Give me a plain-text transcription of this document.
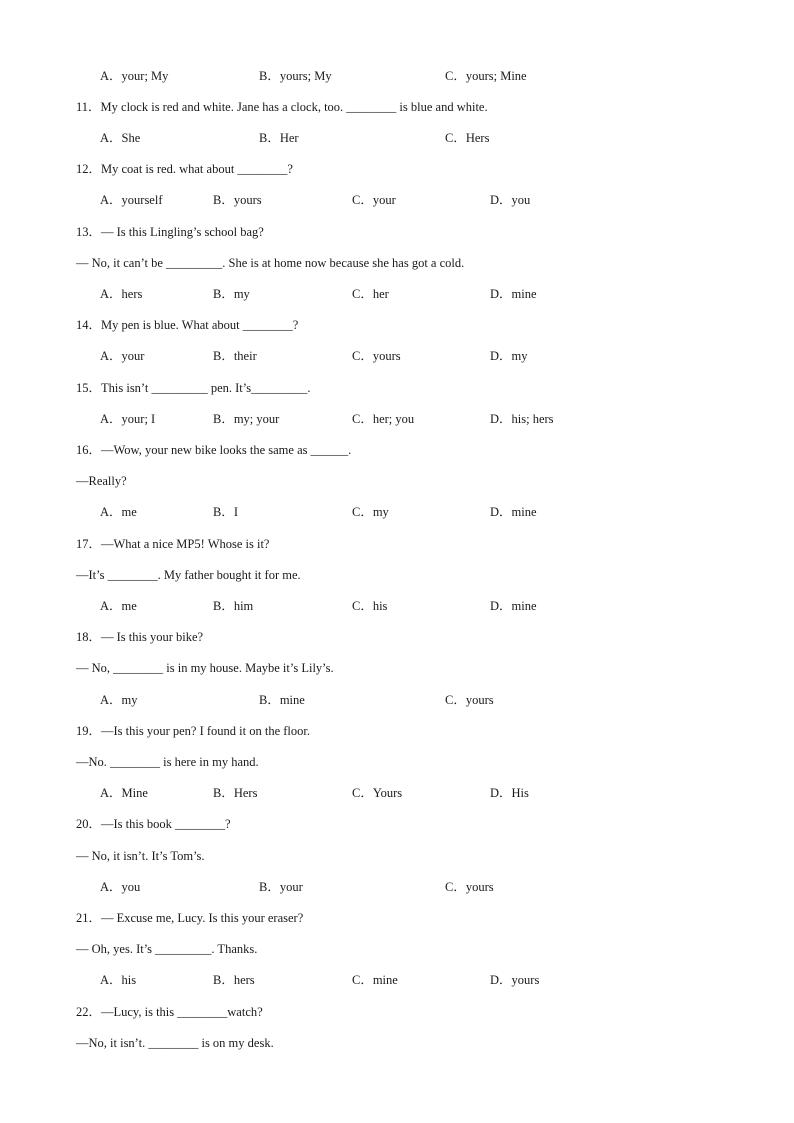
A．your; My	B．yours; My	C．yours; Mine
11．My clock is red and white. Jane has a clock, too. ________ is blue and white.
A．She	B．Her	C．Hers
12．My coat is red. what about ________?
A．yourself	B．yours	C．your	D．you
13．— Is this Lingling’s school bag?
— No, it can’t be _________. She is at home now because she has got a cold.
A．hers	B．my	C．her	D．mine
14．My pen is blue. What about ________?
A．your	B．their	C．yours	D．my
15．This isn’t _________ pen. It’s_________.
A．your; I	B．my; your	C．her; you	D．his; hers
16．—Wow, your new bike looks the same as ______.
—Really?
A．me	B．I	C．my	D．mine
17．—What a nice MP5! Whose is it?
—It’s ________. My father bought it for me.
A．me	B．him	C．his	D．mine
18．— Is this your bike?
— No, ________ is in my house. Maybe it’s Lily’s.
A．my	B．mine	C．yours
19．—Is this your pen? I found it on the floor.
—No. ________ is here in my hand.
A．Mine	B．Hers	C．Yours	D．His
20．—Is this book ________?
— No, it isn’t. It’s Tom’s.
A．you	B．your	C．yours
21．— Excuse me, Lucy. Is this your eraser?
— Oh, yes. It’s _________. Thanks.
A．his	B．hers	C．mine	D．yours
22．—Lucy, is this ________watch?
—No, it isn’t. ________ is on my desk.
